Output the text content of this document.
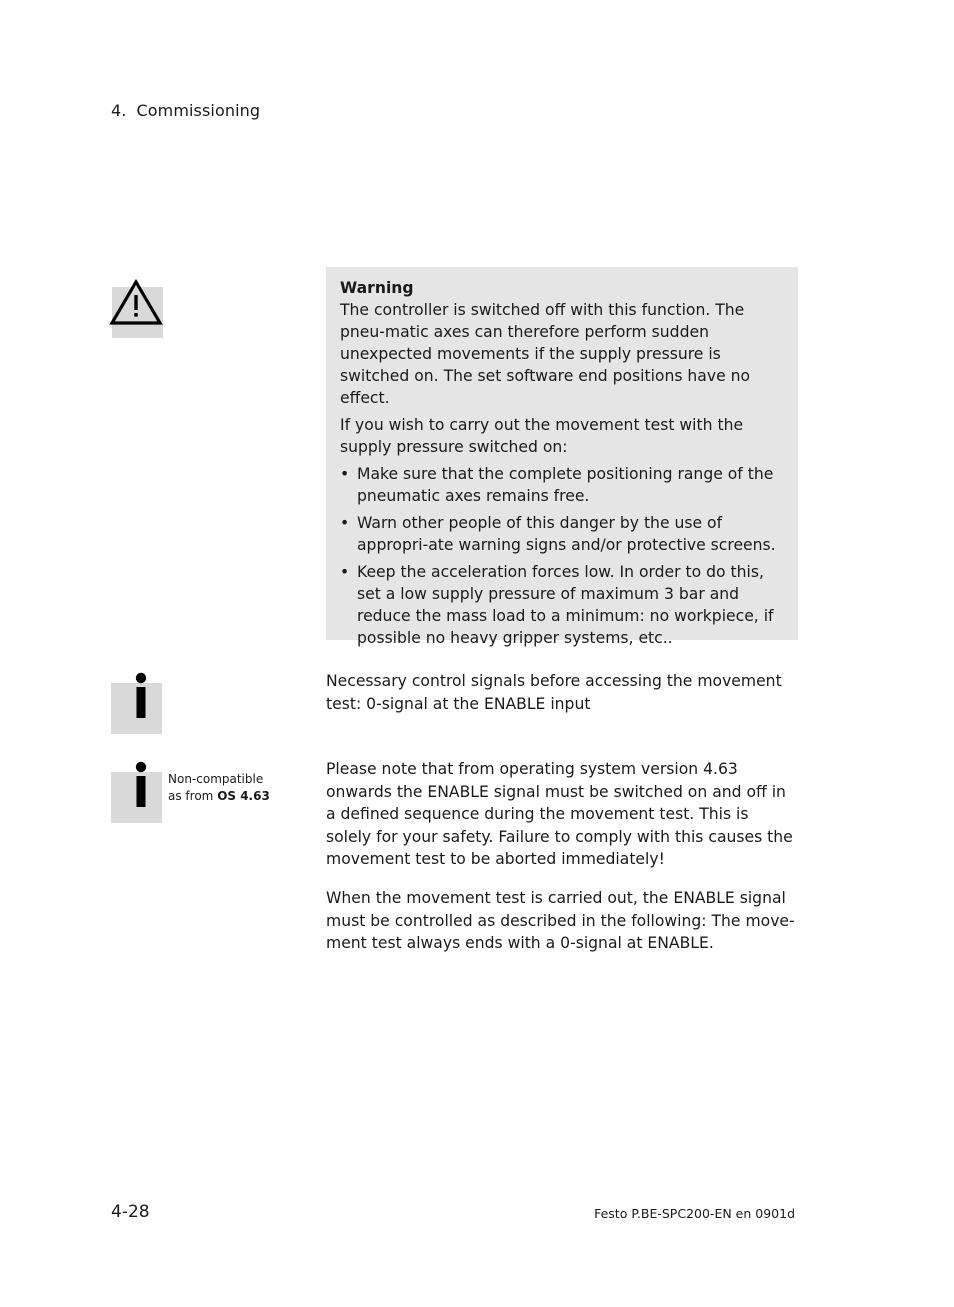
4. Commissioning
Warning

The controller is switched off with this function. The pneu-matic axes can therefore perform sudden unexpected movements if the supply pressure is switched on. The set software end positions have no effect.

If you wish to carry out the movement test with the supply pressure switched on:

• Make sure that the complete positioning range of the pneumatic axes remains free.
• Warn other people of this danger by the use of appropri-ate warning signs and/or protective screens.
• Keep the acceleration forces low. In order to do this, set a low supply pressure of maximum 3 bar and reduce the mass load to a minimum: no workpiece, if possible no heavy gripper systems, etc..
Necessary control signals before accessing the movement test: 0-signal at the ENABLE input
Non-compatible
as from OS 4.63
Please note that from operating system version 4.63 onwards the ENABLE signal must be switched on and off in a defined sequence during the movement test. This is solely for your safety. Failure to comply with this causes the movement test to be aborted immediately!
When the movement test is carried out, the ENABLE signal must be controlled as described in the following: The move-ment test always ends with a 0-signal at ENABLE.
4-28	Festo P.BE-SPC200-EN en 0901d
